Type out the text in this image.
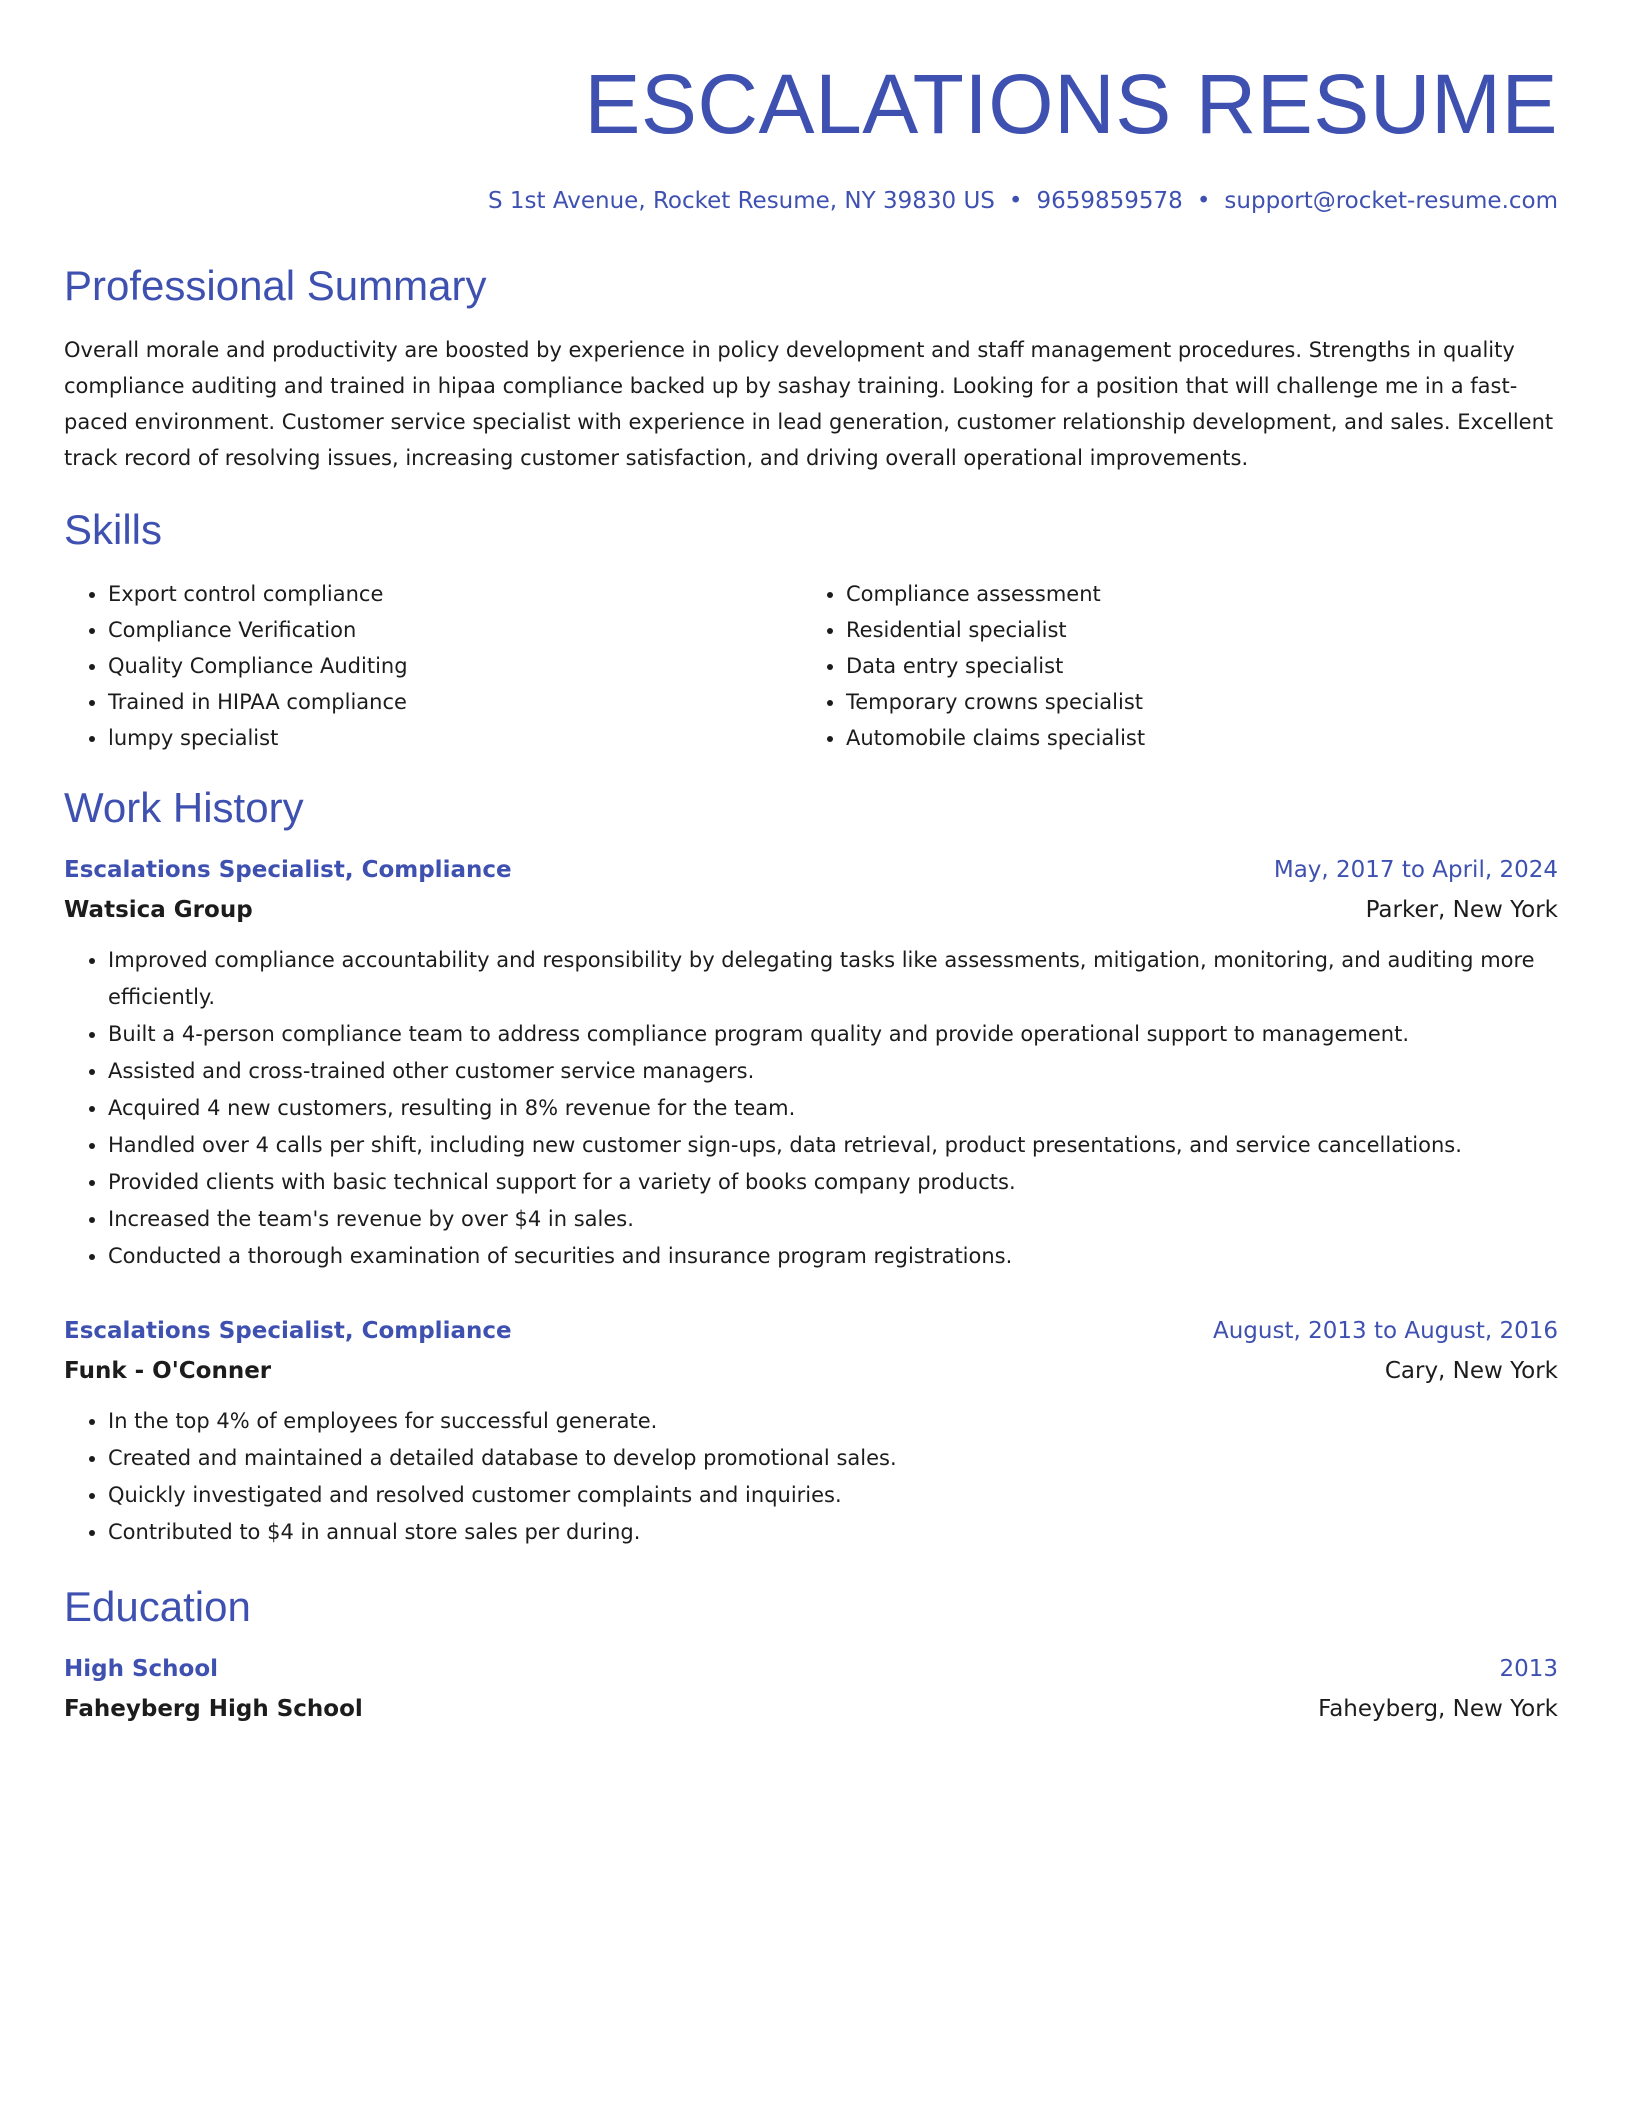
ESCALATIONS RESUME
S 1st Avenue, Rocket Resume, NY 39830 US • 9659859578 • support@rocket-resume.com
Professional Summary
Overall morale and productivity are boosted by experience in policy development and staff management procedures. Strengths in quality compliance auditing and trained in hipaa compliance backed up by sashay training. Looking for a position that will challenge me in a fast-paced environment. Customer service specialist with experience in lead generation, customer relationship development, and sales. Excellent track record of resolving issues, increasing customer satisfaction, and driving overall operational improvements.
Skills
• Export control compliance
• Compliance Verification
• Quality Compliance Auditing
• Trained in HIPAA compliance
• lumpy specialist
• Compliance assessment
• Residential specialist
• Data entry specialist
• Temporary crowns specialist
• Automobile claims specialist
Work History
Escalations Specialist, Compliance	May, 2017 to April, 2024
Watsica Group	Parker, New York
• Improved compliance accountability and responsibility by delegating tasks like assessments, mitigation, monitoring, and auditing more efficiently.
• Built a 4-person compliance team to address compliance program quality and provide operational support to management.
• Assisted and cross-trained other customer service managers.
• Acquired 4 new customers, resulting in 8% revenue for the team.
• Handled over 4 calls per shift, including new customer sign-ups, data retrieval, product presentations, and service cancellations.
• Provided clients with basic technical support for a variety of books company products.
• Increased the team's revenue by over $4 in sales.
• Conducted a thorough examination of securities and insurance program registrations.
Escalations Specialist, Compliance	August, 2013 to August, 2016
Funk - O'Conner	Cary, New York
• In the top 4% of employees for successful generate.
• Created and maintained a detailed database to develop promotional sales.
• Quickly investigated and resolved customer complaints and inquiries.
• Contributed to $4 in annual store sales per during.
Education
High School	2013
Faheyberg High School	Faheyberg, New York
